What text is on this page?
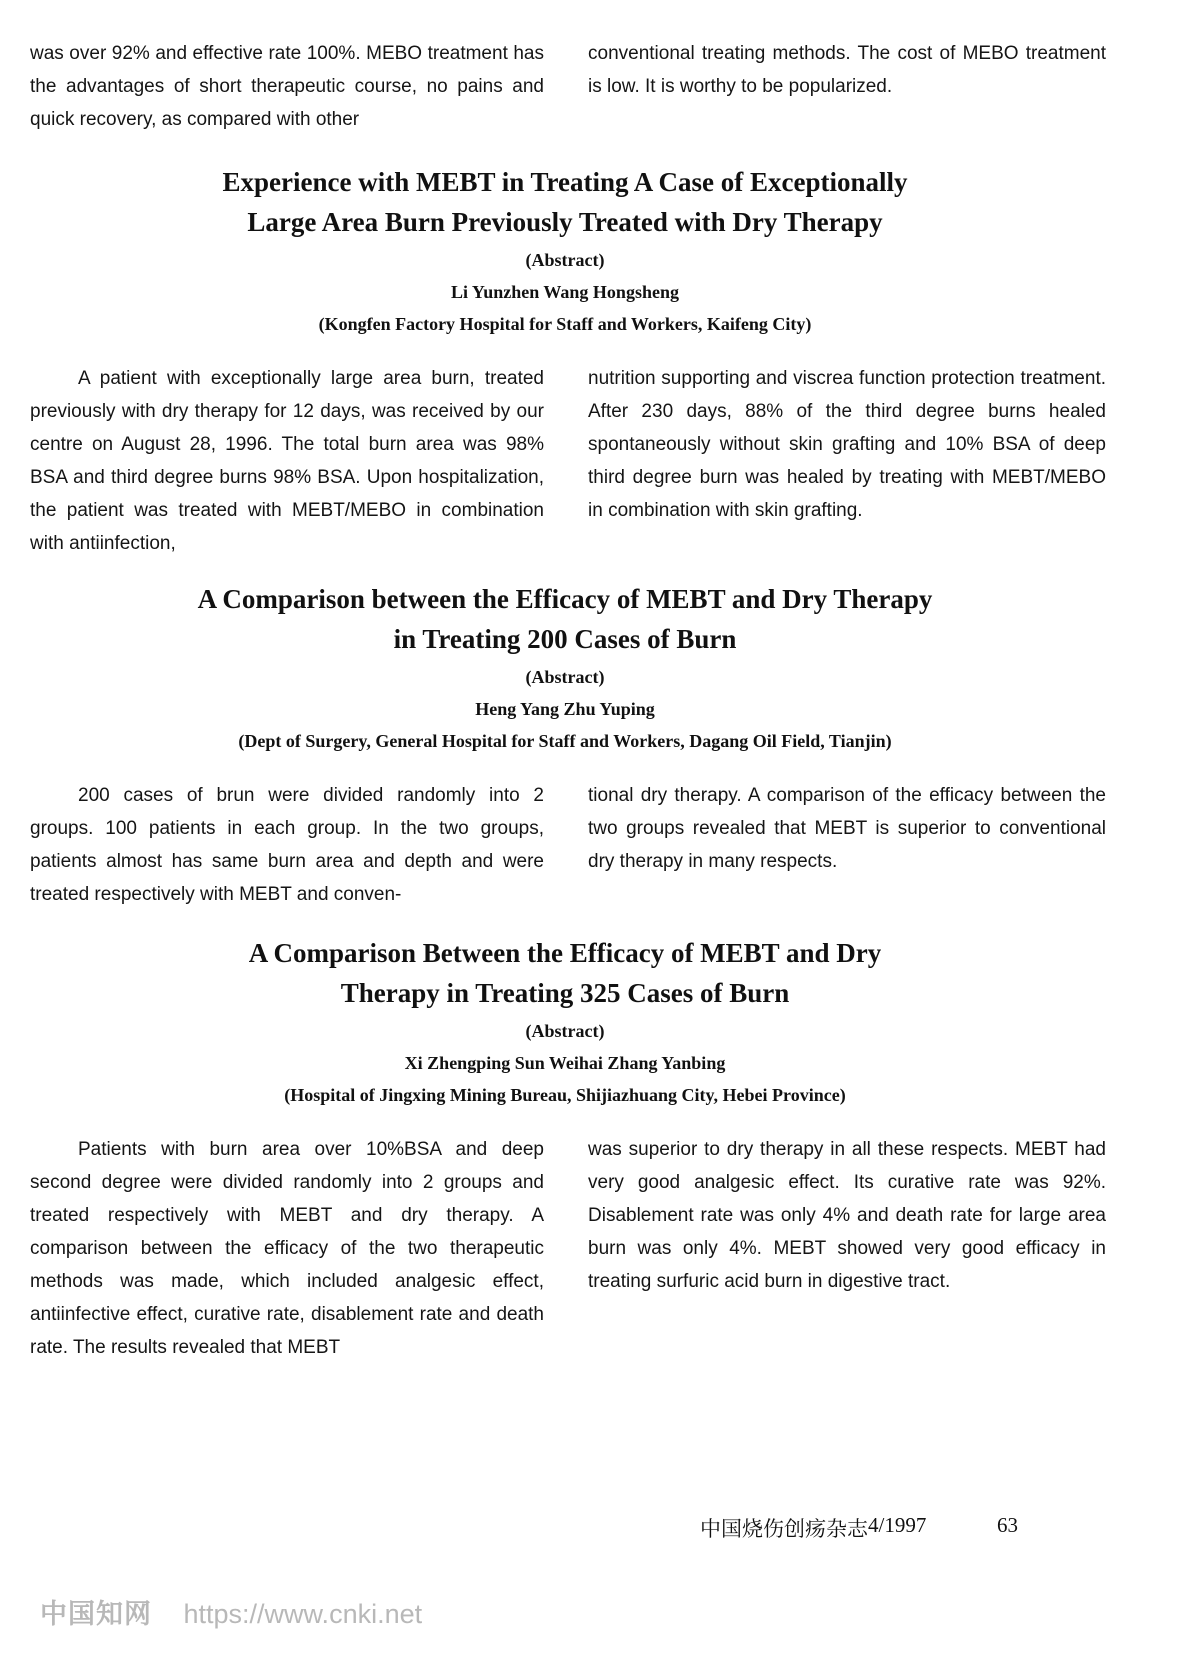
was over 92% and effective rate 100%. MEBO treatment has the advantages of short therapeutic course, no pains and quick recovery, as compared with other

conventional treating methods. The cost of MEBO treatment is low. It is worthy to be popularized.

Experience with MEBT in Treating A Case of Exceptionally
Large Area Burn Previously Treated with Dry Therapy
(Abstract)
Li Yunzhen Wang Hongsheng
(Kongfen Factory Hospital for Staff and Workers, Kaifeng City)

A patient with exceptionally large area burn, treated previously with dry therapy for 12 days, was received by our centre on August 28, 1996. The total burn area was 98% BSA and third degree burns 98% BSA. Upon hospitalization, the patient was treated with MEBT/MEBO in combination with antiinfection,

nutrition supporting and viscrea function protection treatment. After 230 days, 88% of the third degree burns healed spontaneously without skin grafting and 10% BSA of deep third degree burn was healed by treating with MEBT/MEBO in combination with skin grafting.

A Comparison between the Efficacy of MEBT and Dry Therapy
in Treating 200 Cases of Burn
(Abstract)
Heng Yang Zhu Yuping
(Dept of Surgery, General Hospital for Staff and Workers, Dagang Oil Field, Tianjin)

200 cases of brun were divided randomly into 2 groups. 100 patients in each group. In the two groups, patients almost has same burn area and depth and were treated respectively with MEBT and conven-

tional dry therapy. A comparison of the efficacy between the two groups revealed that MEBT is superior to conventional dry therapy in many respects.

A Comparison Between the Efficacy of MEBT and Dry
Therapy in Treating 325 Cases of Burn
(Abstract)
Xi Zhengping Sun Weihai Zhang Yanbing
(Hospital of Jingxing Mining Bureau, Shijiazhuang City, Hebei Province)

Patients with burn area over 10%BSA and deep second degree were divided randomly into 2 groups and treated respectively with MEBT and dry therapy. A comparison between the efficacy of the two therapeutic methods was made, which included analgesic effect, antiinfective effect, curative rate, disablement rate and death rate. The results revealed that MEBT

was superior to dry therapy in all these respects. MEBT had very good analgesic effect. Its curative rate was 92%. Disablement rate was only 4% and death rate for large area burn was only 4%. MEBT showed very good efficacy in treating surfuric acid burn in digestive tract.

中国烧伤创疡杂志 4/1997	63
中国知网 https://www.cnki.net
